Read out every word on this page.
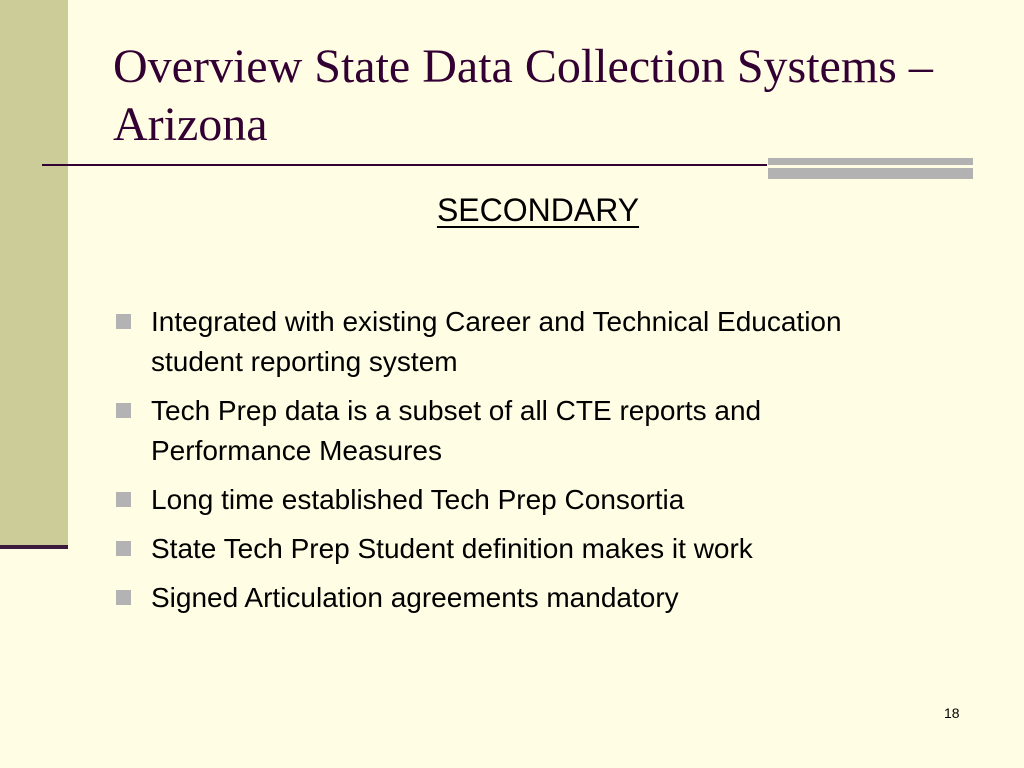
Overview State Data Collection Systems – Arizona
SECONDARY
Integrated with existing Career and Technical Education student reporting system
Tech Prep data is a subset of all CTE reports and Performance Measures
Long time established Tech Prep Consortia
State Tech Prep Student definition makes it work
Signed Articulation agreements mandatory
18
